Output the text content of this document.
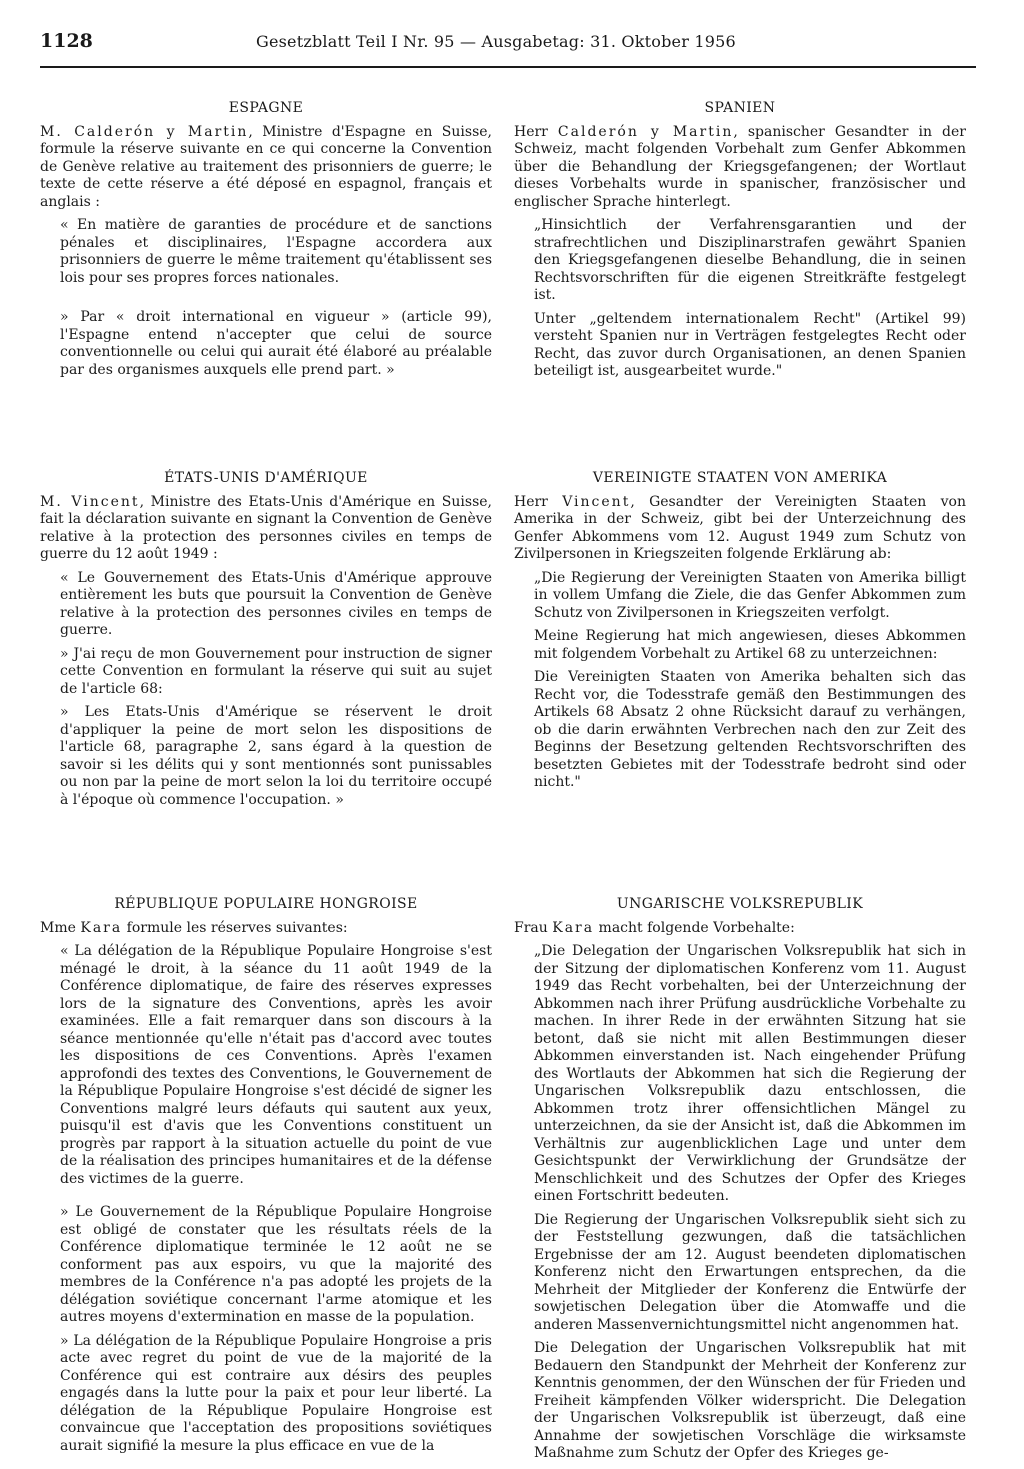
1128	Gesetzblatt Teil I Nr. 95 — Ausgabetag: 31. Oktober 1956
ESPAGNE

M. Calderón y Martin, Ministre d'Espagne en Suisse, formule la réserve suivante en ce qui concerne la Convention de Genève relative au traitement des prisonniers de guerre; le texte de cette réserve a été déposé en espagnol, français et anglais :

« En matière de garanties de procédure et de sanctions pénales et disciplinaires, l'Espagne accordera aux prisonniers de guerre le même traitement qu'établissent ses lois pour ses propres forces nationales.

» Par « droit international en vigueur » (article 99), l'Espagne entend n'accepter que celui de source conventionnelle ou celui qui aurait été élaboré au préalable par des organismes auxquels elle prend part. »

SPANIEN

Herr Calderón y Martin, spanischer Gesandter in der Schweiz, macht folgenden Vorbehalt zum Genfer Abkommen über die Behandlung der Kriegsgefangenen; der Wortlaut dieses Vorbehalts wurde in spanischer, französischer und englischer Sprache hinterlegt.

„Hinsichtlich der Verfahrensgarantien und der strafrechtlichen und Disziplinarstrafen gewährt Spanien den Kriegsgefangenen dieselbe Behandlung, die in seinen Rechtsvorschriften für die eigenen Streitkräfte festgelegt ist.

Unter „geltendem internationalem Recht" (Artikel 99) versteht Spanien nur in Verträgen festgelegtes Recht oder Recht, das zuvor durch Organisationen, an denen Spanien beteiligt ist, ausgearbeitet wurde."

ÉTATS-UNIS D'AMÉRIQUE

M. Vincent, Ministre des Etats-Unis d'Amérique en Suisse, fait la déclaration suivante en signant la Convention de Genève relative à la protection des personnes civiles en temps de guerre du 12 août 1949 :

« Le Gouvernement des Etats-Unis d'Amérique approuve entièrement les buts que poursuit la Convention de Genève relative à la protection des personnes civiles en temps de guerre.

» J'ai reçu de mon Gouvernement pour instruction de signer cette Convention en formulant la réserve qui suit au sujet de l'article 68:

» Les Etats-Unis d'Amérique se réservent le droit d'appliquer la peine de mort selon les dispositions de l'article 68, paragraphe 2, sans égard à la question de savoir si les délits qui y sont mentionnés sont punissables ou non par la peine de mort selon la loi du territoire occupé à l'époque où commence l'occupation. »

VEREINIGTE STAATEN VON AMERIKA

Herr Vincent, Gesandter der Vereinigten Staaten von Amerika in der Schweiz, gibt bei der Unterzeichnung des Genfer Abkommens vom 12. August 1949 zum Schutz von Zivilpersonen in Kriegszeiten folgende Erklärung ab:

„Die Regierung der Vereinigten Staaten von Amerika billigt in vollem Umfang die Ziele, die das Genfer Abkommen zum Schutz von Zivilpersonen in Kriegszeiten verfolgt.

Meine Regierung hat mich angewiesen, dieses Abkommen mit folgendem Vorbehalt zu Artikel 68 zu unterzeichnen:

Die Vereinigten Staaten von Amerika behalten sich das Recht vor, die Todesstrafe gemäß den Bestimmungen des Artikels 68 Absatz 2 ohne Rücksicht darauf zu verhängen, ob die darin erwähnten Verbrechen nach den zur Zeit des Beginns der Besetzung geltenden Rechtsvorschriften des besetzten Gebietes mit der Todesstrafe bedroht sind oder nicht."

RÉPUBLIQUE POPULAIRE HONGROISE

Mme Kara formule les réserves suivantes:

« La délégation de la République Populaire Hongroise s'est ménagé le droit, à la séance du 11 août 1949 de la Conférence diplomatique, de faire des réserves expresses lors de la signature des Conventions, après les avoir examinées. Elle a fait remarquer dans son discours à la séance mentionnée qu'elle n'était pas d'accord avec toutes les dispositions de ces Conventions. Après l'examen approfondi des textes des Conventions, le Gouvernement de la République Populaire Hongroise s'est décidé de signer les Conventions malgré leurs défauts qui sautent aux yeux, puisqu'il est d'avis que les Conventions constituent un progrès par rapport à la situation actuelle du point de vue de la réalisation des principes humanitaires et de la défense des victimes de la guerre.

» Le Gouvernement de la République Populaire Hongroise est obligé de constater que les résultats réels de la Conférence diplomatique terminée le 12 août ne se conforment pas aux espoirs, vu que la majorité des membres de la Conférence n'a pas adopté les projets de la délégation soviétique concernant l'arme atomique et les autres moyens d'extermination en masse de la population.

» La délégation de la République Populaire Hongroise a pris acte avec regret du point de vue de la majorité de la Conférence qui est contraire aux désirs des peuples engagés dans la lutte pour la paix et pour leur liberté. La délégation de la République Populaire Hongroise est convaincue que l'acceptation des propositions soviétiques aurait signifié la mesure la plus efficace en vue de la

UNGARISCHE VOLKSREPUBLIK

Frau Kara macht folgende Vorbehalte:

„Die Delegation der Ungarischen Volksrepublik hat sich in der Sitzung der diplomatischen Konferenz vom 11. August 1949 das Recht vorbehalten, bei der Unterzeichnung der Abkommen nach ihrer Prüfung ausdrückliche Vorbehalte zu machen. In ihrer Rede in der erwähnten Sitzung hat sie betont, daß sie nicht mit allen Bestimmungen dieser Abkommen einverstanden ist. Nach eingehender Prüfung des Wortlauts der Abkommen hat sich die Regierung der Ungarischen Volksrepublik dazu entschlossen, die Abkommen trotz ihrer offensichtlichen Mängel zu unterzeichnen, da sie der Ansicht ist, daß die Abkommen im Verhältnis zur augenblicklichen Lage und unter dem Gesichtspunkt der Verwirklichung der Grundsätze der Menschlichkeit und des Schutzes der Opfer des Krieges einen Fortschritt bedeuten.

Die Regierung der Ungarischen Volksrepublik sieht sich zu der Feststellung gezwungen, daß die tatsächlichen Ergebnisse der am 12. August beendeten diplomatischen Konferenz nicht den Erwartungen entsprechen, da die Mehrheit der Mitglieder der Konferenz die Entwürfe der sowjetischen Delegation über die Atomwaffe und die anderen Massenvernichtungsmittel nicht angenommen hat.

Die Delegation der Ungarischen Volksrepublik hat mit Bedauern den Standpunkt der Mehrheit der Konferenz zur Kenntnis genommen, der den Wünschen der für Frieden und Freiheit kämpfenden Völker widerspricht. Die Delegation der Ungarischen Volksrepublik ist überzeugt, daß eine Annahme der sowjetischen Vorschläge die wirksamste Maßnahme zum Schutz der Opfer des Krieges ge-
